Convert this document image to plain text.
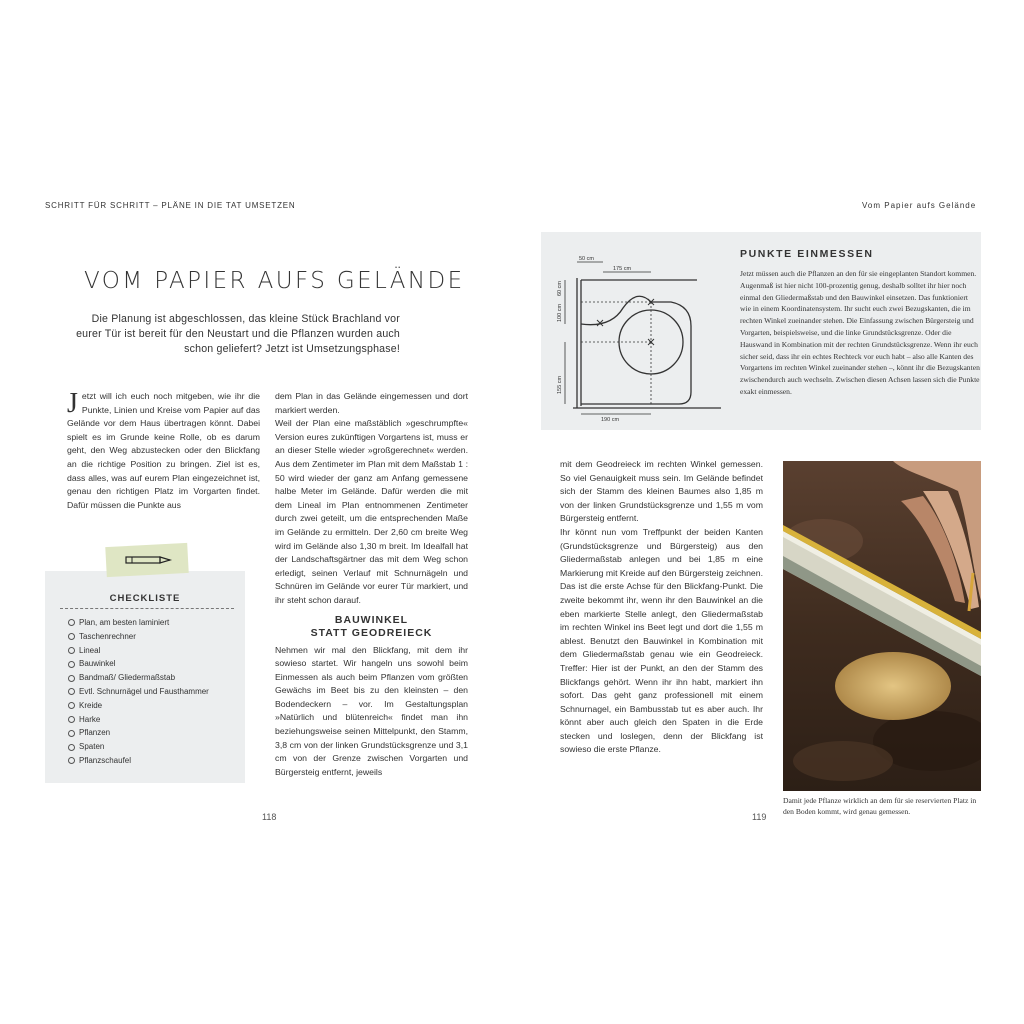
SCHRITT FÜR SCHRITT – PLÄNE IN DIE TAT UMSETZEN	Vom Papier aufs Gelände
VOM PAPIER AUFS GELÄNDE
Die Planung ist abgeschlossen, das kleine Stück Brachland vor eurer Tür ist bereit für den Neustart und die Pflanzen wurden auch schon geliefert? Jetzt ist Umsetzungsphase!

Jetzt will ich euch noch mitgeben, wie ihr die Punkte, Linien und Kreise vom Papier auf das Gelände vor dem Haus übertragen könnt. Dabei spielt es im Grunde keine Rolle, ob es darum geht, den Weg abzustecken oder den Blickfang an die richtige Position zu bringen. Ziel ist es, dass alles, was auf eurem Plan eingezeichnet ist, genau den richtigen Platz im Vorgarten findet. Dafür müssen die Punkte aus

dem Plan in das Gelände eingemessen und dort markiert werden.

Weil der Plan eine maßstäblich »geschrumpfte« Version eures zukünftigen Vorgartens ist, muss er an dieser Stelle wieder »großgerechnet« werden. Aus dem Zentimeter im Plan mit dem Maßstab 1 : 50 wird wieder der ganz am Anfang gemessene halbe Meter im Gelände. Dafür werden die mit dem Lineal im Plan entnommenen Zentimeter durch zwei geteilt, um die entsprechenden Maße im Gelände zu ermitteln. Der 2,60 cm breite Weg wird im Gelände also 1,30 m breit. Im Idealfall hat der Landschaftsgärtner das mit dem Weg schon erledigt, seinen Verlauf mit Schnurnägeln und Schnüren im Gelände vor eurer Tür markiert, und ihr steht schon darauf.

BAUWINKEL
STATT GEODREIECK

Nehmen wir mal den Blickfang, mit dem ihr sowieso startet. Wir hangeln uns sowohl beim Einmessen als auch beim Pflanzen vom größten Gewächs im Beet bis zu den kleinsten – den Bodendeckern – vor. Im Gestaltungsplan »Natürlich und blütenreich« findet man ihn beziehungsweise seinen Mittelpunkt, den Stamm, 3,8 cm von der linken Grundstücksgrenze und 3,1 cm von der Grenze zwischen Vorgarten und Bürgersteig entfernt, jeweils

CHECKLISTE
Plan, am besten laminiert
Taschenrechner
Lineal
Bauwinkel
Bandmaß/ Gliedermaßstab
Evtl. Schnurnägel und Fausthammer
Kreide
Harke
Pflanzen
Spaten
Pflanzschaufel
118
50 cm
175 cm
60 cm
100 cm
155 cm
190 cm
PUNKTE EINMESSEN
Jetzt müssen auch die Pflanzen an den für sie eingeplanten Standort kommen. Augenmaß ist hier nicht 100-prozentig genug, deshalb solltet ihr hier noch einmal den Gliedermaßstab und den Bauwinkel einsetzen. Das funktioniert wie in einem Koordinatensystem. Ihr sucht euch zwei Bezugskanten, die im rechten Winkel zueinander stehen. Die Einfassung zwischen Bürgersteig und Vorgarten, beispielsweise, und die linke Grundstücksgrenze. Oder die Hauswand in Kombination mit der rechten Grundstücksgrenze. Wenn ihr euch sicher seid, dass ihr ein echtes Rechteck vor euch habt – also alle Kanten des Vorgartens im rechten Winkel zueinander stehen –, könnt ihr die Bezugskanten zwischendurch auch wechseln. Zwischen diesen Achsen lassen sich die Punkte exakt einmessen.

mit dem Geodreieck im rechten Winkel gemessen. So viel Genauigkeit muss sein. Im Gelände befindet sich der Stamm des kleinen Baumes also 1,85 m von der linken Grundstücksgrenze und 1,55 m vom Bürgersteig entfernt.

Ihr könnt nun vom Treffpunkt der beiden Kanten (Grundstücksgrenze und Bürgersteig) aus den Gliedermaßstab anlegen und bei 1,85 m eine Markierung mit Kreide auf den Bürgersteig zeichnen. Das ist die erste Achse für den Blickfang-Punkt. Die zweite bekommt ihr, wenn ihr den Bauwinkel an die eben markierte Stelle anlegt, den Gliedermaßstab im rechten Winkel ins Beet legt und dort die 1,55 m ablest. Benutzt den Bauwinkel in Kombination mit dem Gliedermaßstab genau wie ein Geodreieck. Treffer: Hier ist der Punkt, an den der Stamm des Blickfangs gehört. Wenn ihr ihn habt, markiert ihn sofort. Das geht ganz professionell mit einem Schnurnagel, ein Bambusstab tut es aber auch. Ihr könnt aber auch gleich den Spaten in die Erde stecken und loslegen, denn der Blickfang ist sowieso die erste Pflanze.

Damit jede Pflanze wirklich an dem für sie reservierten Platz in den Boden kommt, wird genau gemessen.
119
